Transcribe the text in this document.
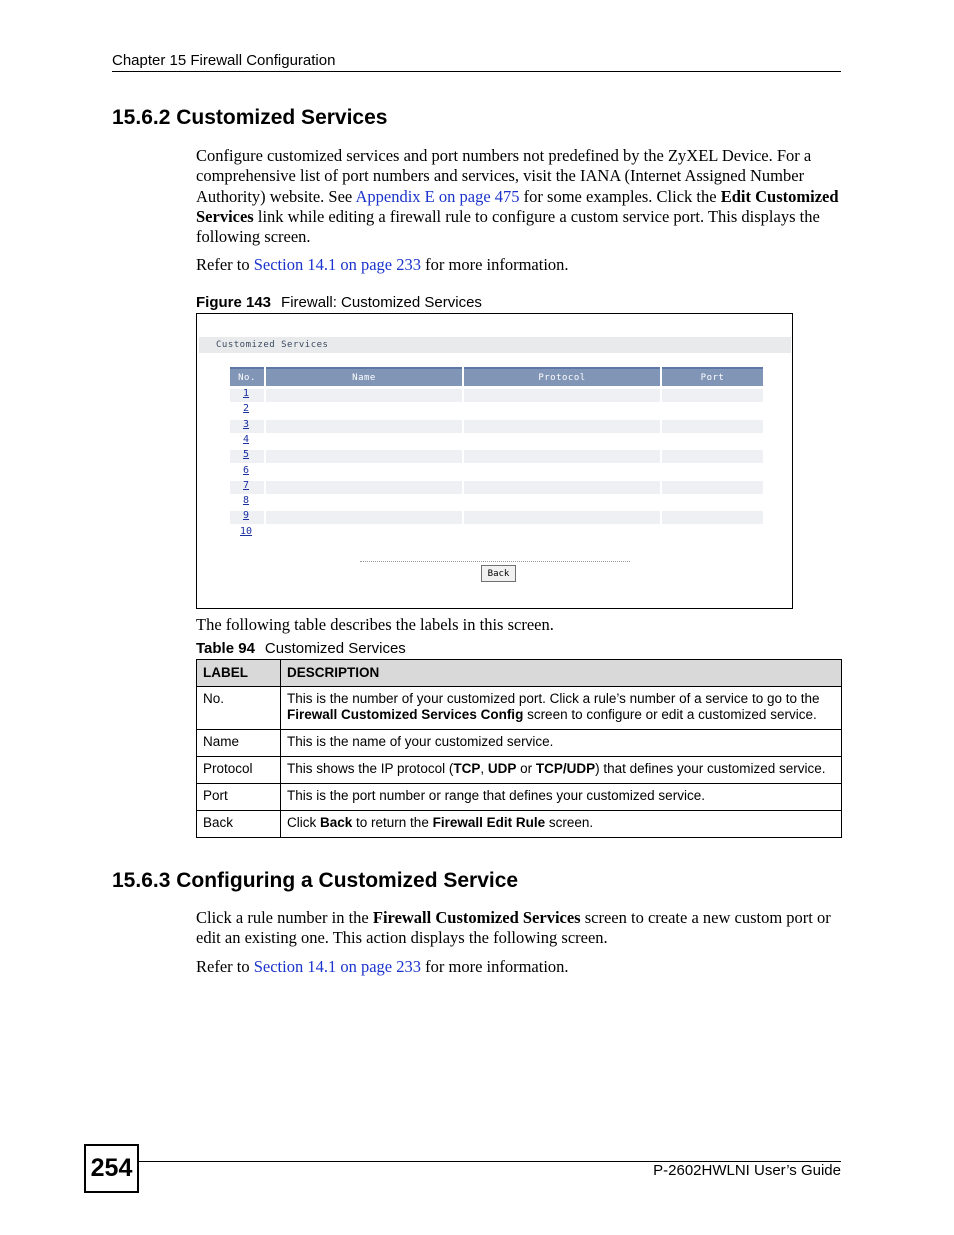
Chapter 15 Firewall Configuration
15.6.2 Customized Services
Configure customized services and port numbers not predefined by the ZyXEL Device. For a comprehensive list of port numbers and services, visit the IANA (Internet Assigned Number Authority) website. See Appendix E on page 475 for some examples. Click the Edit Customized Services link while editing a firewall rule to configure a custom service port. This displays the following screen.
Refer to Section 14.1 on page 233 for more information.
Figure 143 Firewall: Customized Services
Customized Services
No.	Name	Protocol	Port
1
2
3
4
5
6
7
8
9
10
Back
The following table describes the labels in this screen.
Table 94 Customized Services
LABEL	DESCRIPTION
No.	This is the number of your customized port. Click a rule’s number of a service to go to the Firewall Customized Services Config screen to configure or edit a customized service.
Name	This is the name of your customized service.
Protocol	This shows the IP protocol (TCP, UDP or TCP/UDP) that defines your customized service.
Port	This is the port number or range that defines your customized service.
Back	Click Back to return the Firewall Edit Rule screen.
15.6.3 Configuring a Customized Service
Click a rule number in the Firewall Customized Services screen to create a new custom port or edit an existing one. This action displays the following screen.
Refer to Section 14.1 on page 233 for more information.
254	P-2602HWLNI User’s Guide
